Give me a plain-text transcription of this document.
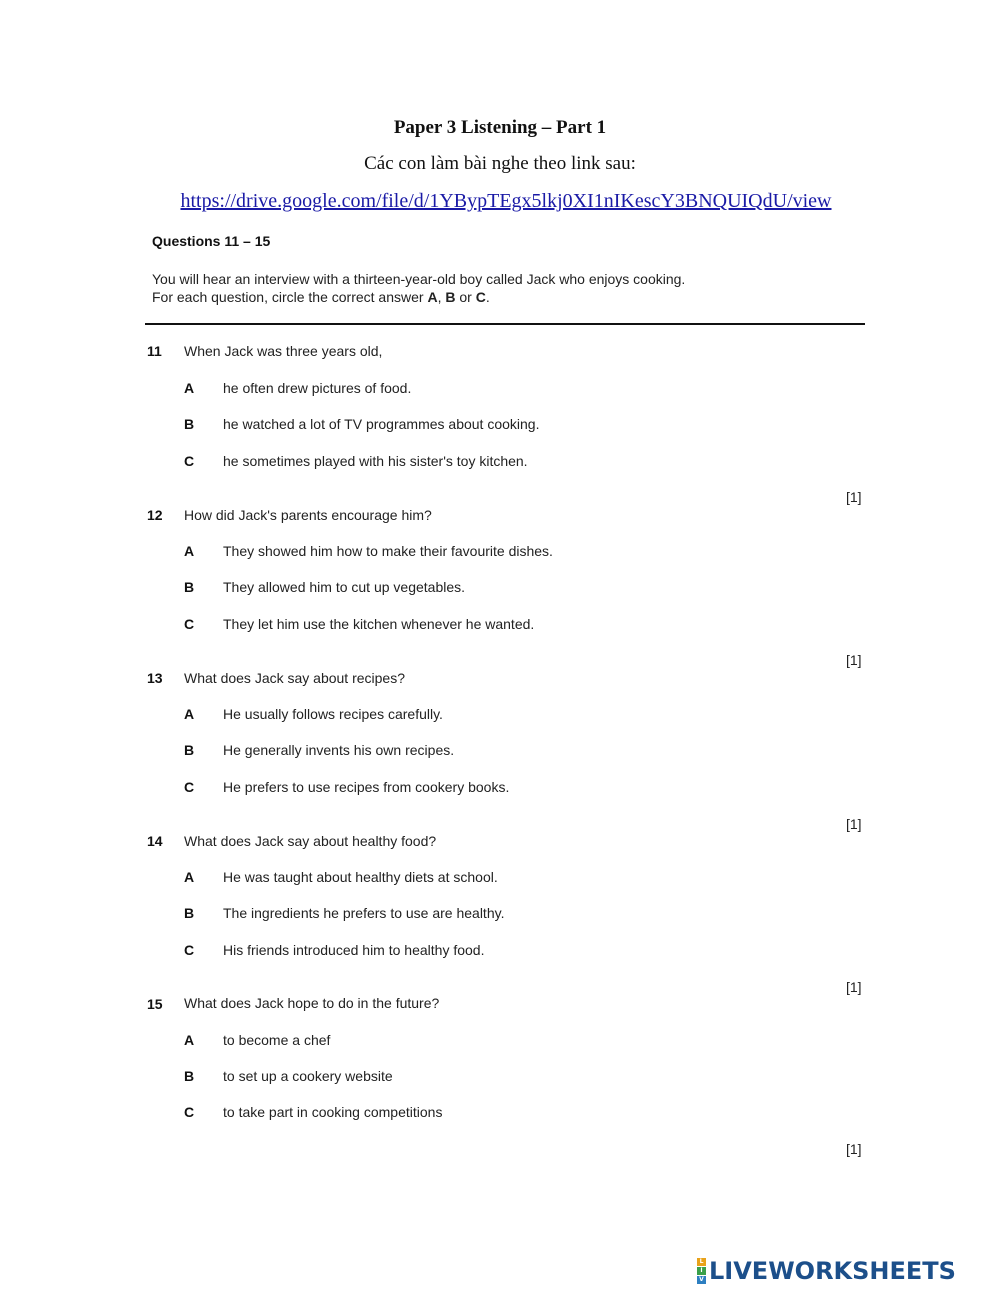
Paper 3 Listening – Part 1
Các con làm bài nghe theo link sau:
https://drive.google.com/file/d/1YBypTEgx5lkj0XI1nIKescY3BNQUIQdU/view
Questions 11 – 15
You will hear an interview with a thirteen-year-old boy called Jack who enjoys cooking.
For each question, circle the correct answer A, B or C.
11 When Jack was three years old,
A he often drew pictures of food.
B he watched a lot of TV programmes about cooking.
C he sometimes played with his sister's toy kitchen.
[1]
12 How did Jack's parents encourage him?
A They showed him how to make their favourite dishes.
B They allowed him to cut up vegetables.
C They let him use the kitchen whenever he wanted.
[1]
13 What does Jack say about recipes?
A He usually follows recipes carefully.
B He generally invents his own recipes.
C He prefers to use recipes from cookery books.
[1]
14 What does Jack say about healthy food?
A He was taught about healthy diets at school.
B The ingredients he prefers to use are healthy.
C His friends introduced him to healthy food.
[1]
15 What does Jack hope to do in the future?
A to become a chef
B to set up a cookery website
C to take part in cooking competitions
[1]
L
I
V LIVEWORKSHEETS
